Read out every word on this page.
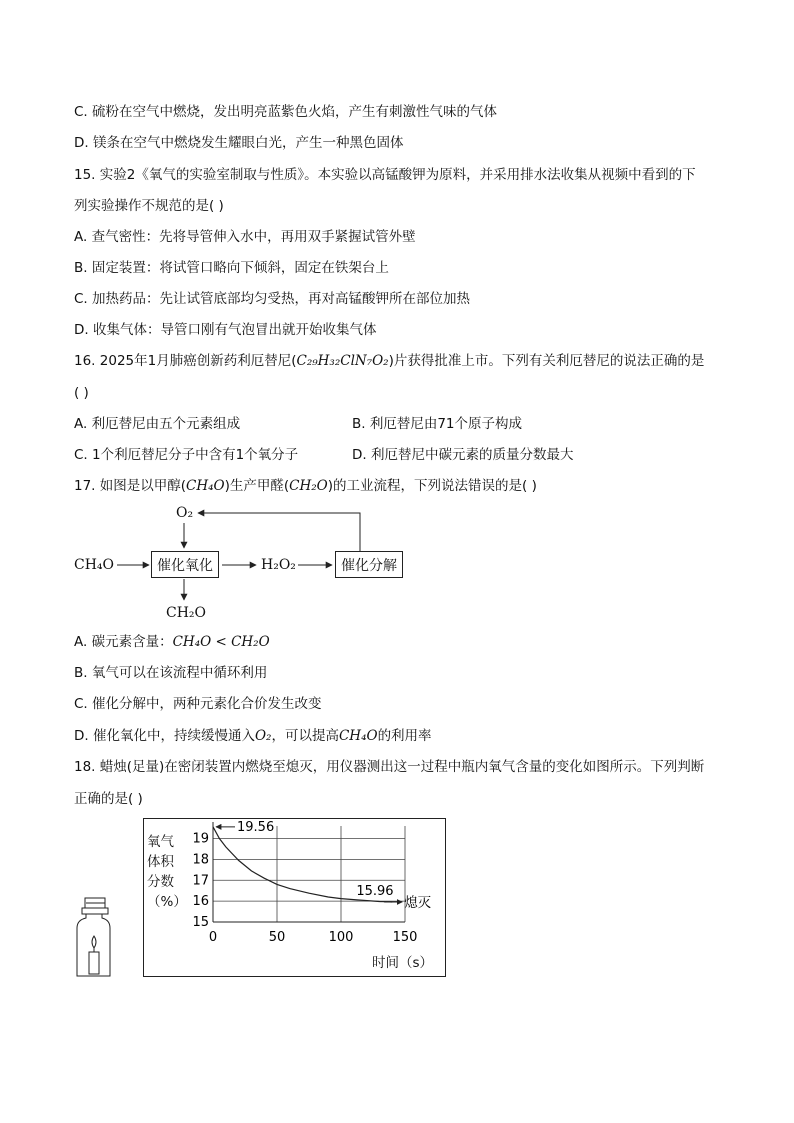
C. 硫粉在空气中燃烧，发出明亮蓝紫色火焰，产生有刺激性气味的气体
D. 镁条在空气中燃烧发生耀眼白光，产生一种黑色固体
15. 实验2《氧气的实验室制取与性质》。本实验以高锰酸钾为原料，并采用排水法收集从视频中看到的下
列实验操作不规范的是( )
A. 查气密性：先将导管伸入水中，再用双手紧握试管外壁
B. 固定装置：将试管口略向下倾斜，固定在铁架台上
C. 加热药品：先让试管底部均匀受热，再对高锰酸钾所在部位加热
D. 收集气体：导管口刚有气泡冒出就开始收集气体
16. 2025年1月肺癌创新药利厄替尼(C₂₉H₃₂ClN₇O₂)片获得批准上市。下列有关利厄替尼的说法正确的是
( )
A. 利厄替尼由五个元素组成	B. 利厄替尼由71个原子构成
C. 1个利厄替尼分子中含有1个氧分子	D. 利厄替尼中碳元素的质量分数最大
17. 如图是以甲醇(CH₄O)生产甲醛(CH₂O)的工业流程，下列说法错误的是( )
O₂
CH₄O	催化氧化	H₂O₂	催化分解
CH₂O
A. 碳元素含量：CH₄O < CH₂O
B. 氧气可以在该流程中循环利用
C. 催化分解中，两种元素化合价发生改变
D. 催化氧化中，持续缓慢通入O₂，可以提高CH₄O的利用率
18. 蜡烛(足量)在密闭装置内燃烧至熄灭，用仪器测出这一过程中瓶内氧气含量的变化如图所示。下列判断
正确的是( )
15
16
17
18
19
0	50	100	150
19.56
15.96
熄灭
氧气
体积
分数
（%）
时间（s）
